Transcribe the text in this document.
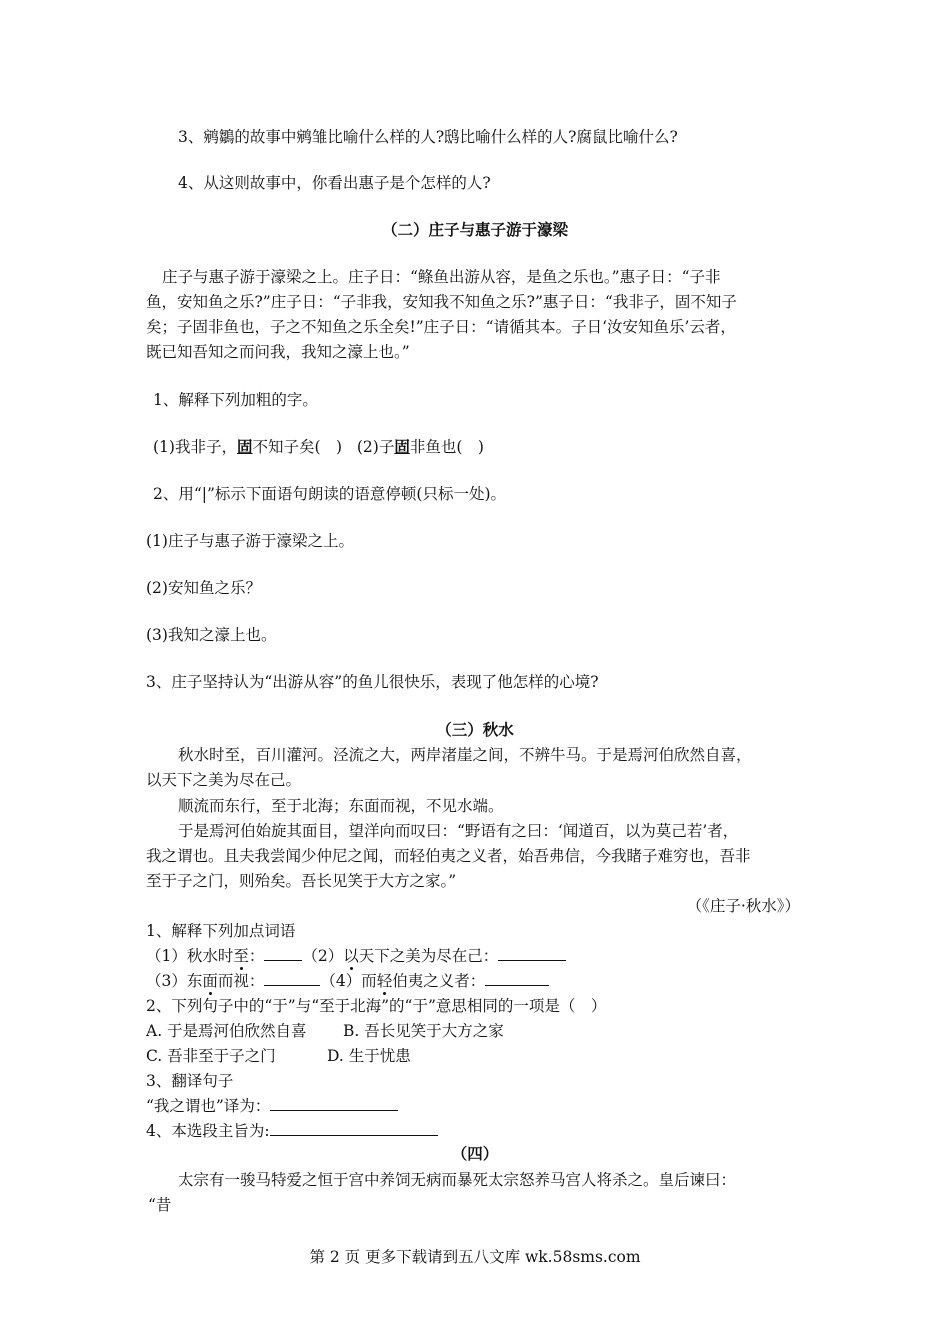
3、鹓鶵的故事中鹓雏比喻什么样的人?鸱比喻什么样的人?腐鼠比喻什么?
4、从这则故事中，你看出惠子是个怎样的人?
（二）庄子与惠子游于濠梁
庄子与惠子游于濠梁之上。庄子日：“鲦鱼出游从容，是鱼之乐也。”惠子日：“子非
鱼，安知鱼之乐?”庄子日：“子非我，安知我不知鱼之乐?”惠子日：“我非子，固不知子
矣；子固非鱼也，子之不知鱼之乐全矣!”庄子日：“请循其本。子日‘汝安知鱼乐’云者，
既已知吾知之而问我，我知之濠上也。”
1、解释下列加粗的字。
(1)我非子，固不知子矣(　) (2)子固非鱼也(　)
2、用“|”标示下面语句朗读的语意停顿(只标一处)。
(1)庄子与惠子游于濠梁之上。
(2)安知鱼之乐？
(3)我知之濠上也。
3、庄子坚持认为“出游从容”的鱼儿很快乐，表现了他怎样的心境?
（三）秋水
秋水时至，百川灌河。泾流之大，两岸渚崖之间，不辨牛马。于是焉河伯欣然自喜，
以天下之美为尽在己。
顺流而东行，至于北海；东面而视，不见水端。
于是焉河伯始旋其面目，望洋向而叹曰：“野语有之曰：‘闻道百，以为莫己若’者，
我之谓也。且夫我尝闻少仲尼之闻，而轻伯夷之义者，始吾弗信，今我睹子难穷也，吾非
至于子之门，则殆矣。吾长见笑于大方之家。”
（《庄子·秋水》）
1、解释下列加点词语
（1）秋水时至： （2）以天下之美为尽在己：
（3）东面而视：	（4）而轻伯夷之义者：
2、下列句子中的“于”与“至于北海”的“于”意思相同的一项是（　）
A. 于是焉河伯欣然自喜 B. 吾长见笑于大方之家
C. 吾非至于子之门	D. 生于忧患
3、翻译句子
“我之谓也”译为：
4、本选段主旨为:
（四）
太宗有一骏马特爱之恒于宫中养饲无病而暴死太宗怒养马宫人将杀之。皇后谏曰：
“昔
第 2 页 更多下载请到五八文库 wk.58sms.com
